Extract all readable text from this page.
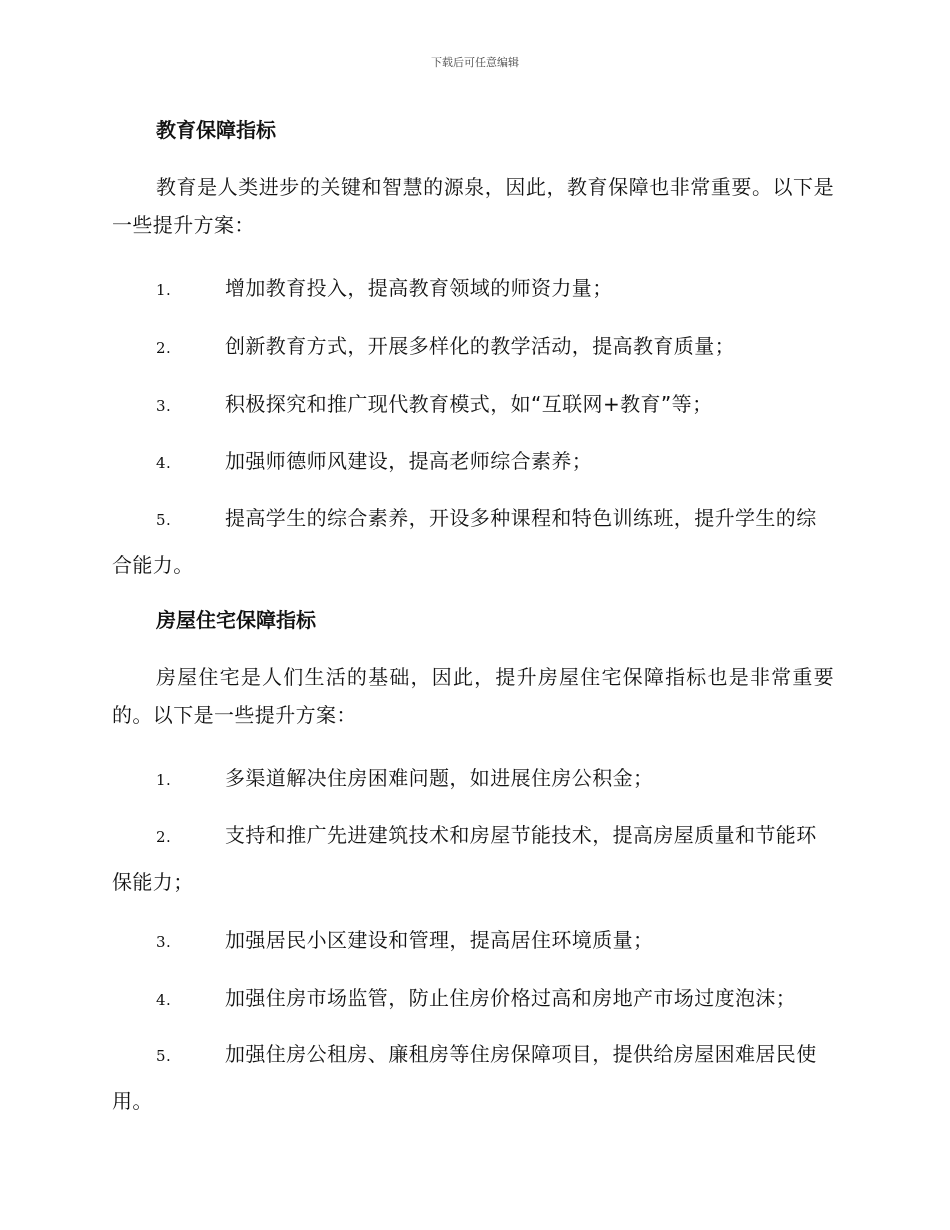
下载后可任意编辑
教育保障指标
教育是人类进步的关键和智慧的源泉，因此，教育保障也非常重要。以下是一些提升方案：
1.	增加教育投入，提高教育领域的师资力量；
2.	创新教育方式，开展多样化的教学活动，提高教育质量；
3.	积极探究和推广现代教育模式，如“互联网+教育”等；
4.	加强师德师风建设，提高老师综合素养；
5.	提高学生的综合素养，开设多种课程和特色训练班，提升学生的综合能力。
房屋住宅保障指标
房屋住宅是人们生活的基础，因此，提升房屋住宅保障指标也是非常重要的。以下是一些提升方案：
1.	多渠道解决住房困难问题，如进展住房公积金；
2.	支持和推广先进建筑技术和房屋节能技术，提高房屋质量和节能环保能力；
3.	加强居民小区建设和管理，提高居住环境质量；
4.	加强住房市场监管，防止住房价格过高和房地产市场过度泡沫；
5.	加强住房公租房、廉租房等住房保障项目，提供给房屋困难居民使用。
